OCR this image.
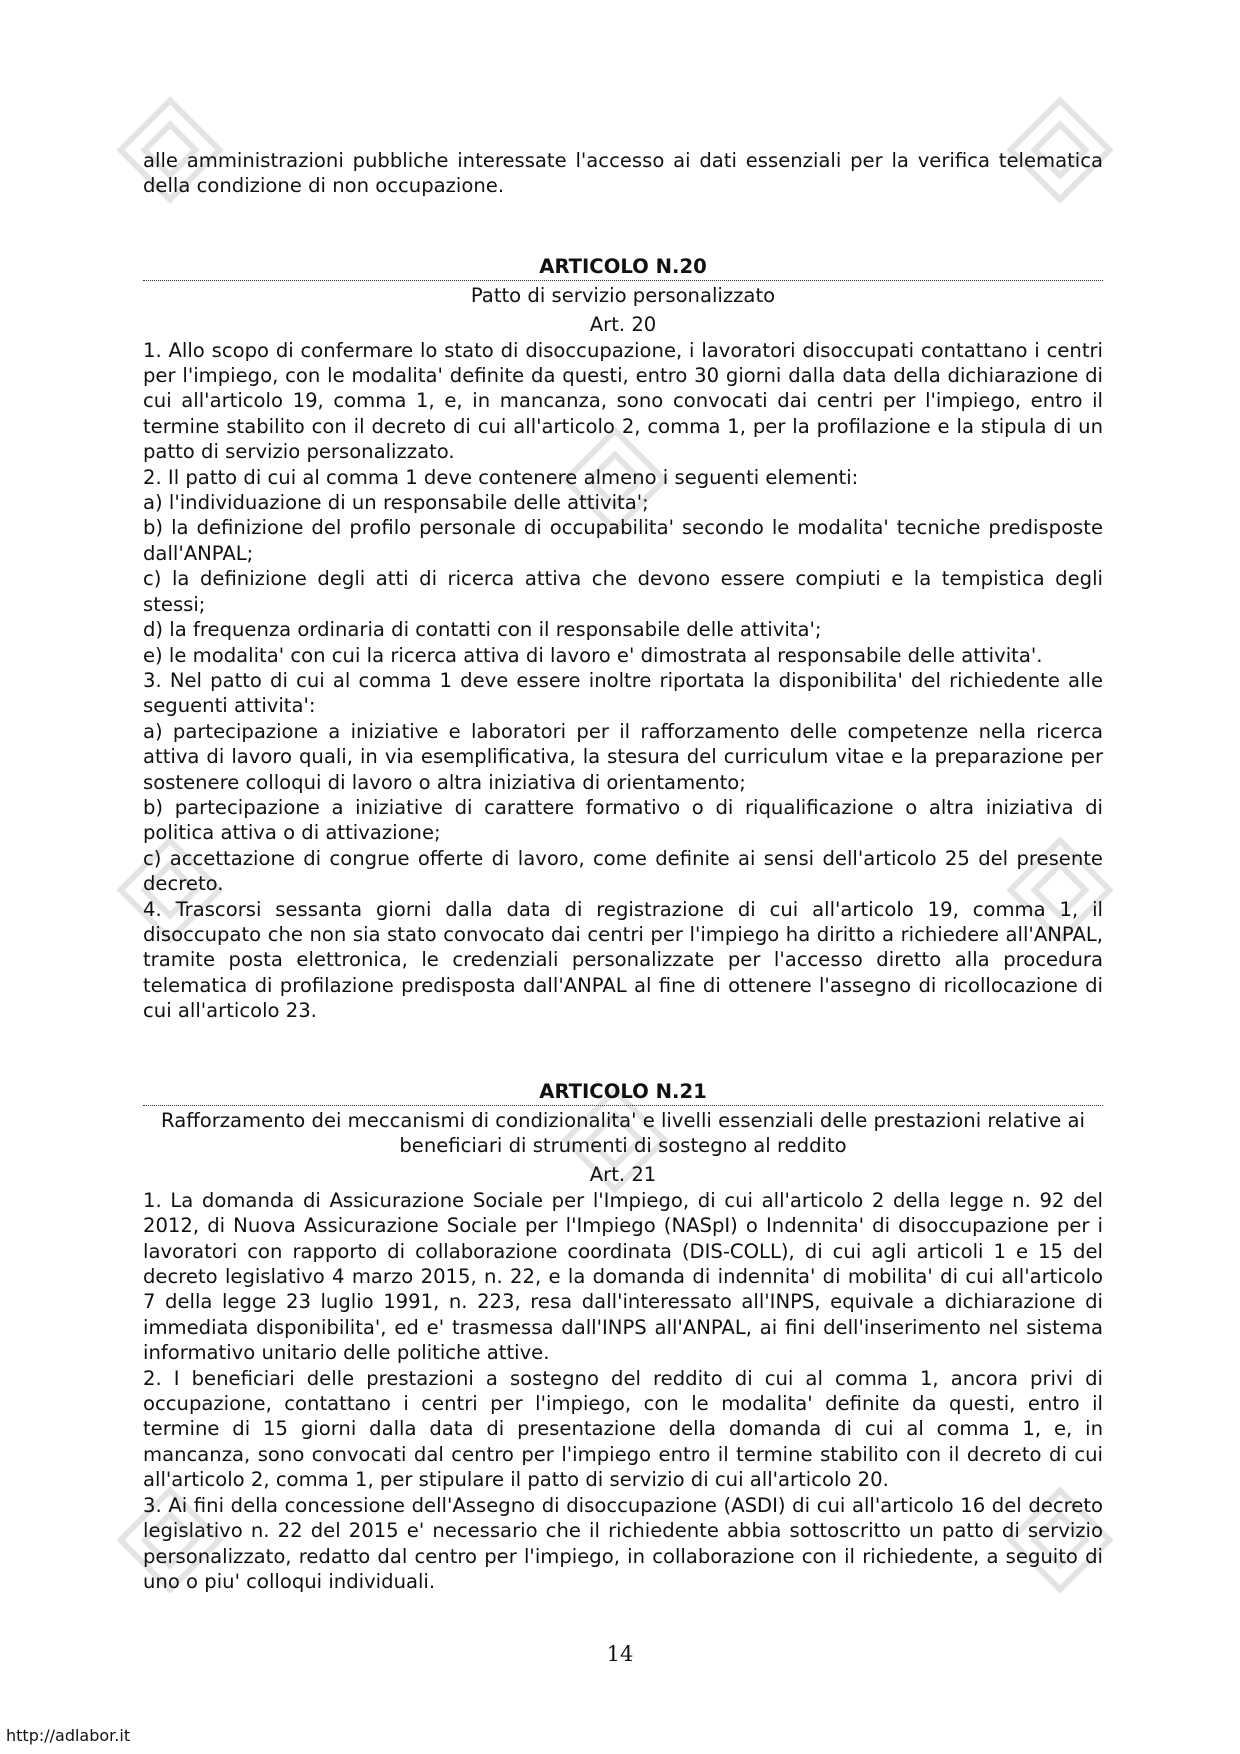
alle amministrazioni pubbliche interessate l'accesso ai dati essenziali per la verifica telematica della condizione di non occupazione.

ARTICOLO N.20

Patto di servizio personalizzato

Art. 20

1. Allo scopo di confermare lo stato di disoccupazione, i lavoratori disoccupati contattano i centri per l'impiego, con le modalita' definite da questi, entro 30 giorni dalla data della dichiarazione di cui all'articolo 19, comma 1, e, in mancanza, sono convocati dai centri per l'impiego, entro il termine stabilito con il decreto di cui all'articolo 2, comma 1, per la profilazione e la stipula di un patto di servizio personalizzato.

2. Il patto di cui al comma 1 deve contenere almeno i seguenti elementi:

a) l'individuazione di un responsabile delle attivita';

b) la definizione del profilo personale di occupabilita' secondo le modalita' tecniche predisposte dall'ANPAL;

c) la definizione degli atti di ricerca attiva che devono essere compiuti e la tempistica degli stessi;

d) la frequenza ordinaria di contatti con il responsabile delle attivita';

e) le modalita' con cui la ricerca attiva di lavoro e' dimostrata al responsabile delle attivita'.

3. Nel patto di cui al comma 1 deve essere inoltre riportata la disponibilita' del richiedente alle seguenti attivita':

a) partecipazione a iniziative e laboratori per il rafforzamento delle competenze nella ricerca attiva di lavoro quali, in via esemplificativa, la stesura del curriculum vitae e la preparazione per sostenere colloqui di lavoro o altra iniziativa di orientamento;

b) partecipazione a iniziative di carattere formativo o di riqualificazione o altra iniziativa di politica attiva o di attivazione;

c) accettazione di congrue offerte di lavoro, come definite ai sensi dell'articolo 25 del presente decreto.

4. Trascorsi sessanta giorni dalla data di registrazione di cui all'articolo 19, comma 1, il disoccupato che non sia stato convocato dai centri per l'impiego ha diritto a richiedere all'ANPAL, tramite posta elettronica, le credenziali personalizzate per l'accesso diretto alla procedura telematica di profilazione predisposta dall'ANPAL al fine di ottenere l'assegno di ricollocazione di cui all'articolo 23.

ARTICOLO N.21

Rafforzamento dei meccanismi di condizionalita' e livelli essenziali delle prestazioni relative ai beneficiari di strumenti di sostegno al reddito

Art. 21

1. La domanda di Assicurazione Sociale per l'Impiego, di cui all'articolo 2 della legge n. 92 del 2012, di Nuova Assicurazione Sociale per l'Impiego (NASpI) o Indennita' di disoccupazione per i lavoratori con rapporto di collaborazione coordinata (DIS-COLL), di cui agli articoli 1 e 15 del decreto legislativo 4 marzo 2015, n. 22, e la domanda di indennita' di mobilita' di cui all'articolo 7 della legge 23 luglio 1991, n. 223, resa dall'interessato all'INPS, equivale a dichiarazione di immediata disponibilita', ed e' trasmessa dall'INPS all'ANPAL, ai fini dell'inserimento nel sistema informativo unitario delle politiche attive.

2. I beneficiari delle prestazioni a sostegno del reddito di cui al comma 1, ancora privi di occupazione, contattano i centri per l'impiego, con le modalita' definite da questi, entro il termine di 15 giorni dalla data di presentazione della domanda di cui al comma 1, e, in mancanza, sono convocati dal centro per l'impiego entro il termine stabilito con il decreto di cui all'articolo 2, comma 1, per stipulare il patto di servizio di cui all'articolo 20.

3. Ai fini della concessione dell'Assegno di disoccupazione (ASDI) di cui all'articolo 16 del decreto legislativo n. 22 del 2015 e' necessario che il richiedente abbia sottoscritto un patto di servizio personalizzato, redatto dal centro per l'impiego, in collaborazione con il richiedente, a seguito di uno o piu' colloqui individuali.

14
http://adlabor.it
